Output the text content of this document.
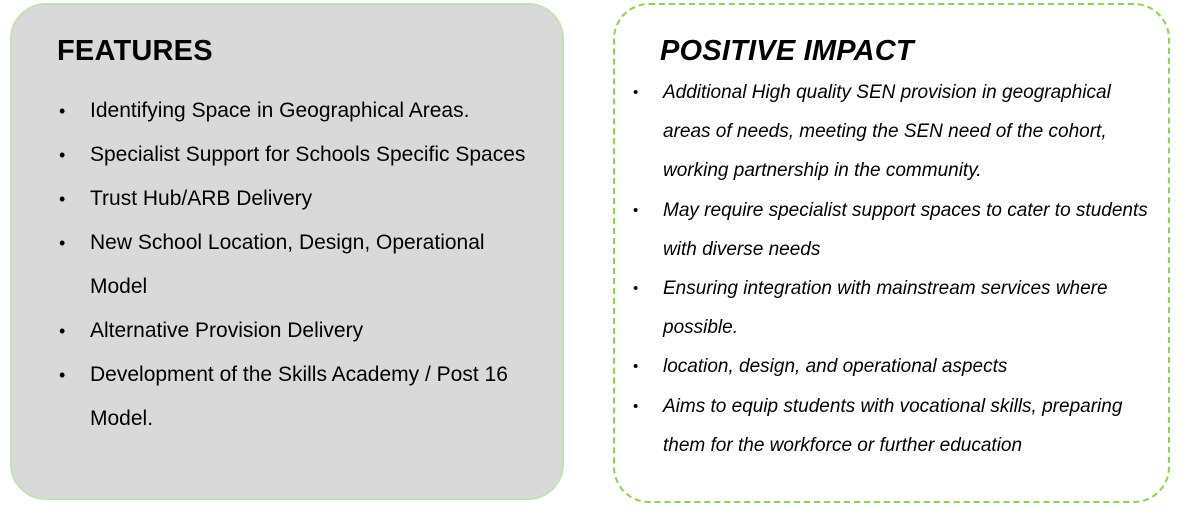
FEATURES
• Identifying Space in Geographical Areas.
• Specialist Support for Schools Specific Spaces
• Trust Hub/ARB Delivery
• New School Location, Design, Operational Model
• Alternative Provision Delivery
• Development of the Skills Academy / Post 16 Model.
POSITIVE IMPACT
• Additional High quality SEN provision in geographical areas of needs, meeting the SEN need of the cohort, working partnership in the community.
• May require specialist support spaces to cater to students with diverse needs
• Ensuring integration with mainstream services where possible.
• location, design, and operational aspects
• Aims to equip students with vocational skills, preparing them for the workforce or further education
